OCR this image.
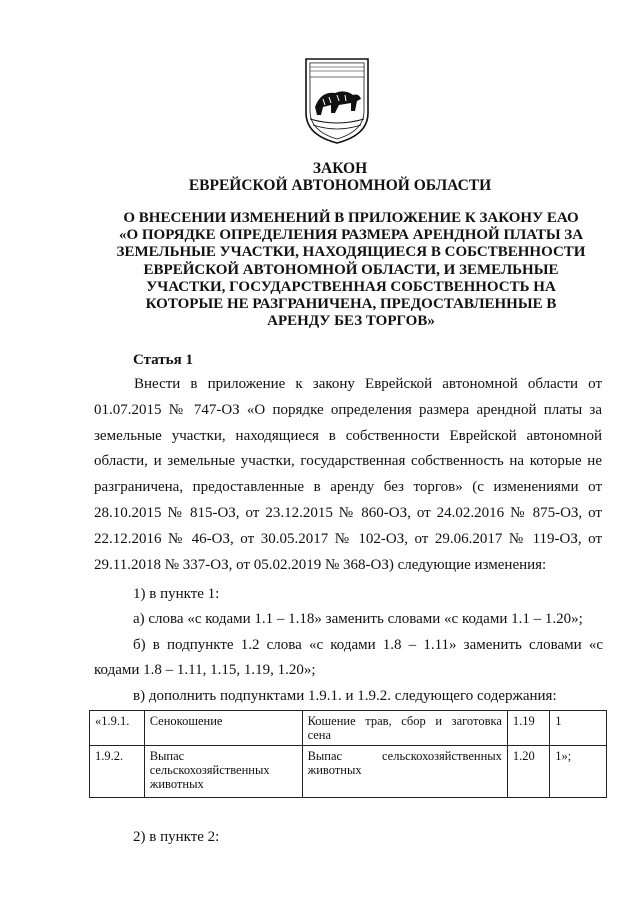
ЗАКОН
ЕВРЕЙСКОЙ АВТОНОМНОЙ ОБЛАСТИ
О ВНЕСЕНИИ ИЗМЕНЕНИЙ В ПРИЛОЖЕНИЕ К ЗАКОНУ ЕАО
«О ПОРЯДКЕ ОПРЕДЕЛЕНИЯ РАЗМЕРА АРЕНДНОЙ ПЛАТЫ ЗА
ЗЕМЕЛЬНЫЕ УЧАСТКИ, НАХОДЯЩИЕСЯ В СОБСТВЕННОСТИ
ЕВРЕЙСКОЙ АВТОНОМНОЙ ОБЛАСТИ, И ЗЕМЕЛЬНЫЕ
УЧАСТКИ, ГОСУДАРСТВЕННАЯ СОБСТВЕННОСТЬ НА
КОТОРЫЕ НЕ РАЗГРАНИЧЕНА, ПРЕДОСТАВЛЕННЫЕ В
АРЕНДУ БЕЗ ТОРГОВ»
Статья 1
Внести в приложение к закону Еврейской автономной области от 01.07.2015 № 747-ОЗ «О порядке определения размера арендной платы за земельные участки, находящиеся в собственности Еврейской автономной области, и земельные участки, государственная собственность на которые не разграничена, предоставленные в аренду без торгов» (с изменениями от 28.10.2015 № 815-ОЗ, от 23.12.2015 № 860-ОЗ, от 24.02.2016 № 875-ОЗ, от 22.12.2016 № 46-ОЗ, от 30.05.2017 № 102-ОЗ, от 29.06.2017 № 119-ОЗ, от 29.11.2018 № 337-ОЗ, от 05.02.2019 № 368-ОЗ) следующие изменения:
1) в пункте 1:
а) слова «с кодами 1.1 – 1.18» заменить словами «с кодами 1.1 – 1.20»;
б) в подпункте 1.2 слова «с кодами 1.8 – 1.11» заменить словами «с
кодами 1.8 – 1.11, 1.15, 1.19, 1.20»;
в) дополнить подпунктами 1.9.1. и 1.9.2. следующего содержания:
«1.9.1.	Сенокошение	Кошение трав, сбор и заготовка сена	1.19	1
1.9.2.	Выпас сельскохозяйственных животных	Выпас сельскохозяйственных животных	1.20	1»;
2) в пункте 2:
